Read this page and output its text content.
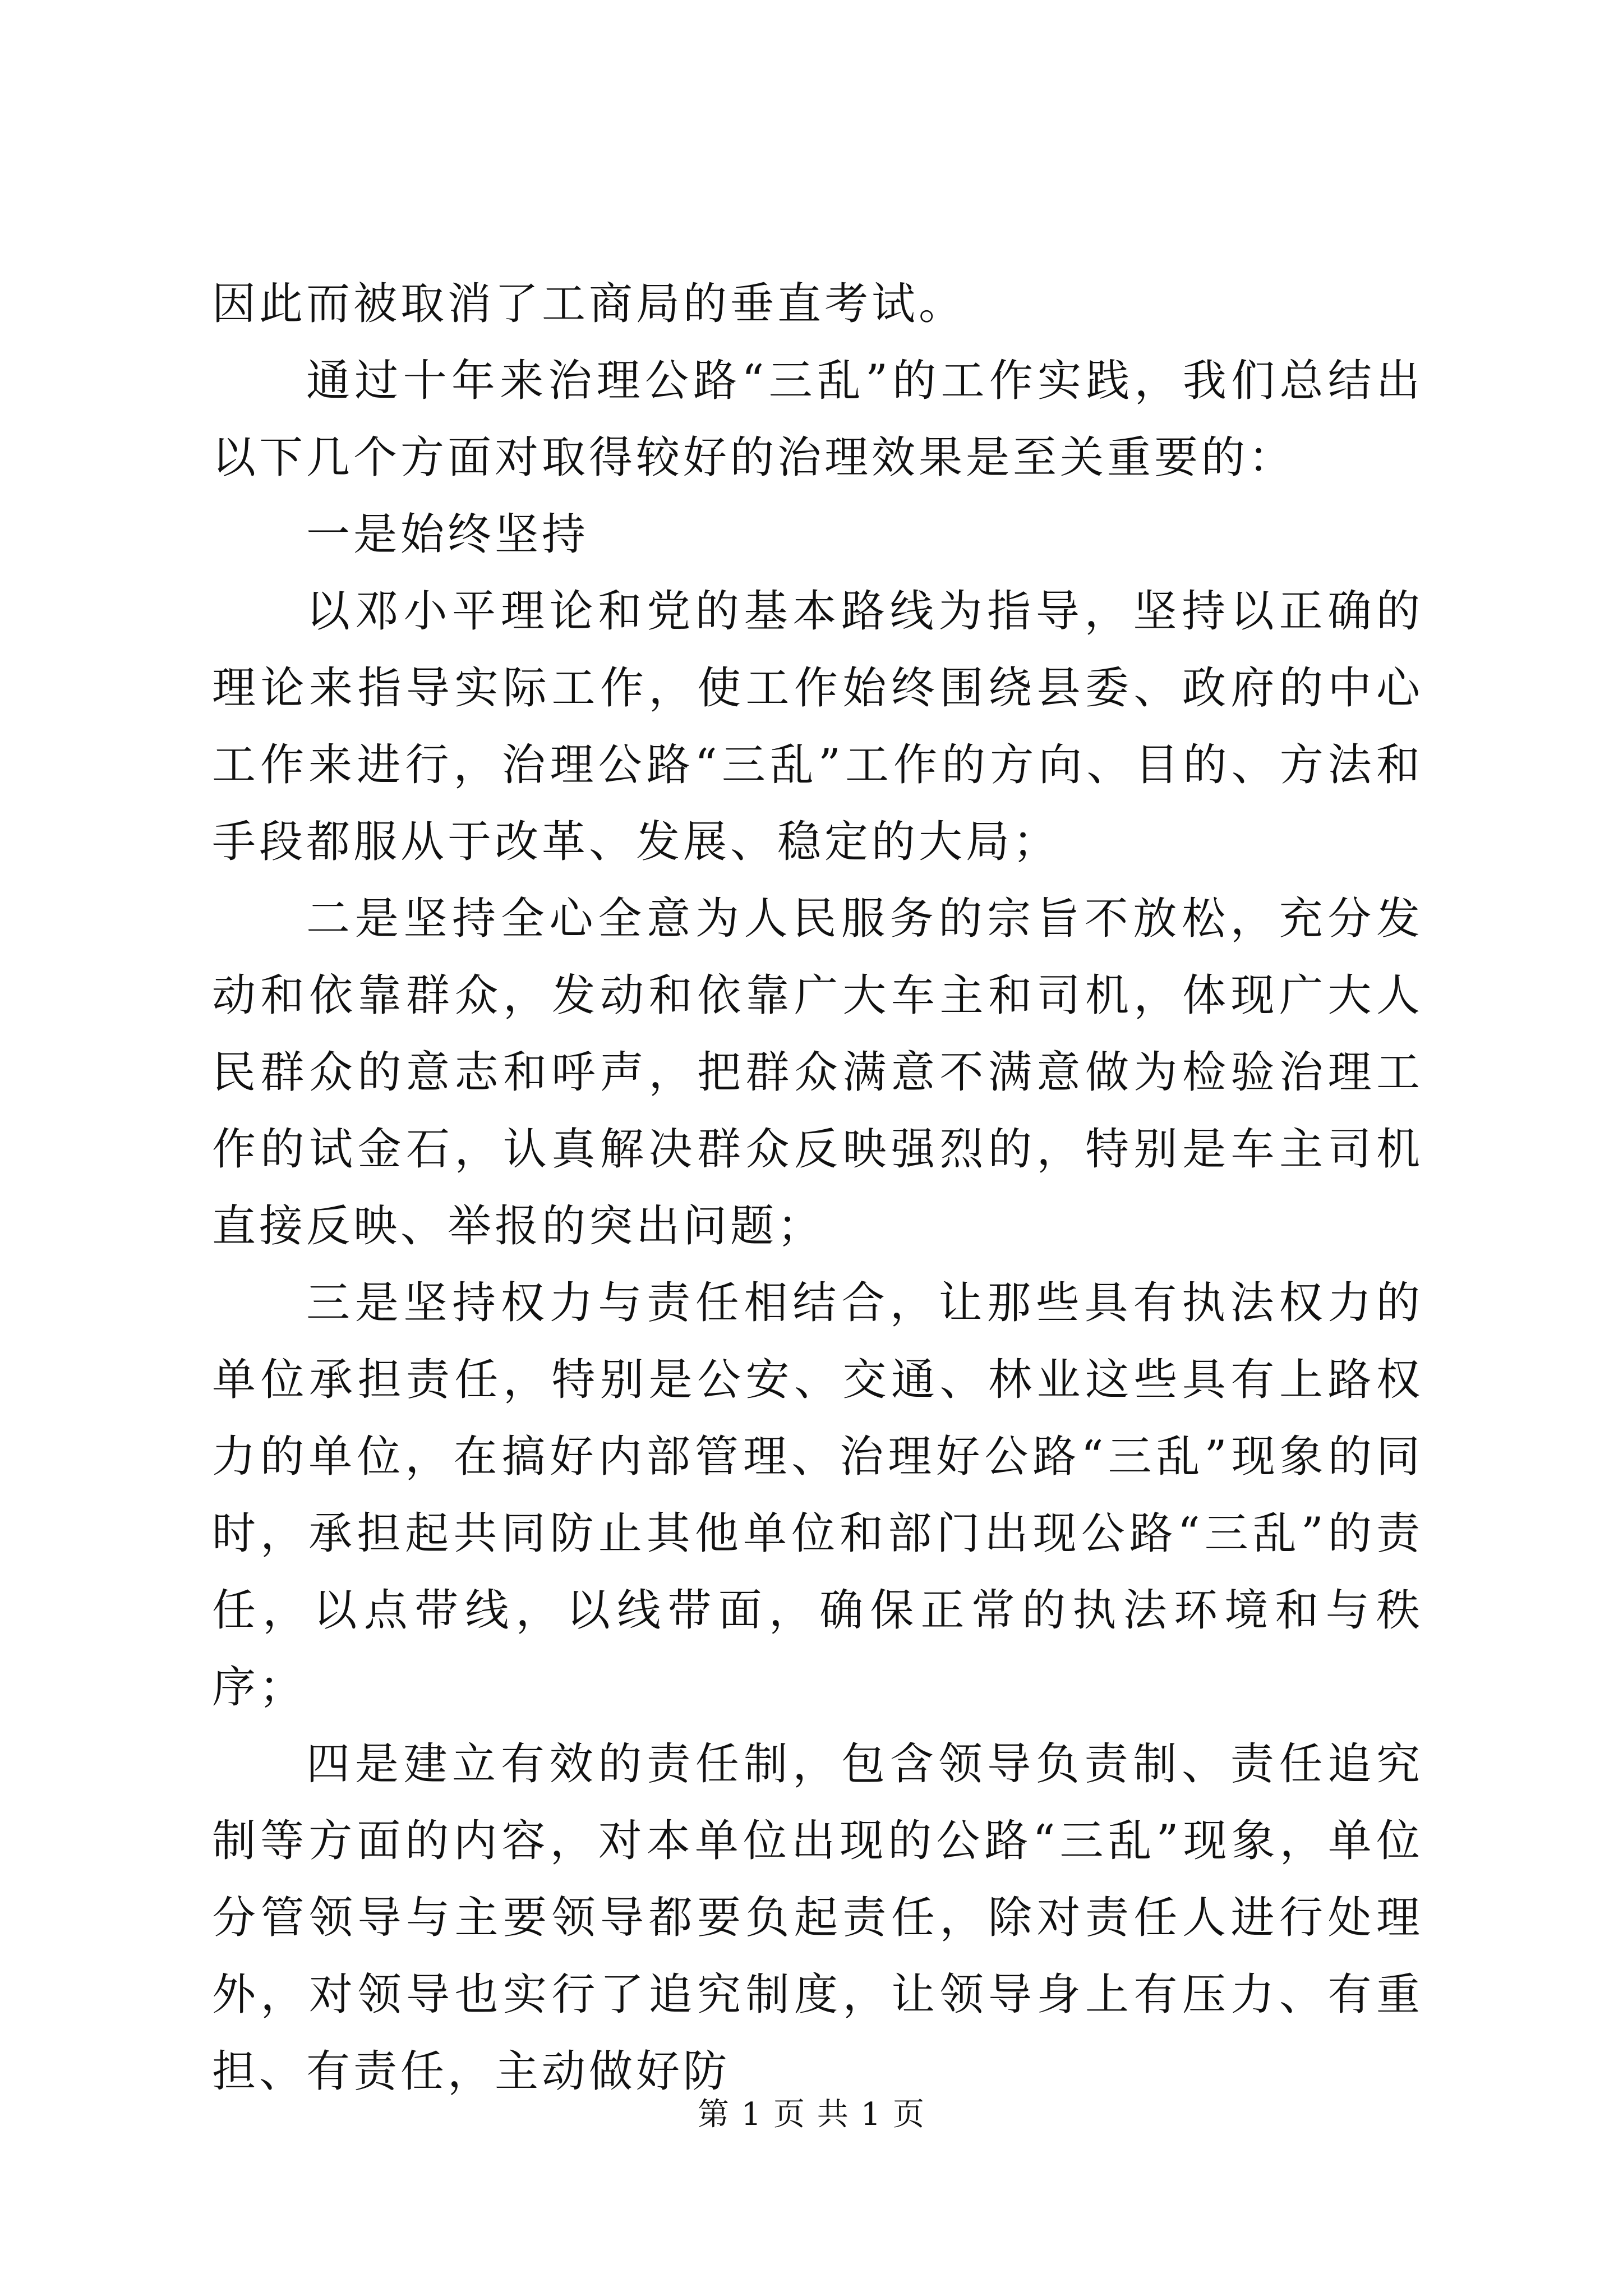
因此而被取消了工商局的垂直考试。

通过十年来治理公路“三乱”的工作实践，我们总结出以下几个方面对取得较好的治理效果是至关重要的：

一是始终坚持

以邓小平理论和党的基本路线为指导，坚持以正确的理论来指导实际工作，使工作始终围绕县委、政府的中心工作来进行，治理公路“三乱”工作的方向、目的、方法和手段都服从于改革、发展、稳定的大局；

二是坚持全心全意为人民服务的宗旨不放松，充分发动和依靠群众，发动和依靠广大车主和司机，体现广大人民群众的意志和呼声，把群众满意不满意做为检验治理工作的试金石，认真解决群众反映强烈的，特别是车主司机直接反映、举报的突出问题；

三是坚持权力与责任相结合，让那些具有执法权力的单位承担责任，特别是公安、交通、林业这些具有上路权力的单位，在搞好内部管理、治理好公路“三乱”现象的同时，承担起共同防止其他单位和部门出现公路“三乱”的责任，以点带线，以线带面，确保正常的执法环境和与秩序；

四是建立有效的责任制，包含领导负责制、责任追究制等方面的内容，对本单位出现的公路“三乱”现象，单位分管领导与主要领导都要负起责任，除对责任人进行处理外，对领导也实行了追究制度，让领导身上有压力、有重担、有责任，主动做好防

第 1 页 共 1 页
